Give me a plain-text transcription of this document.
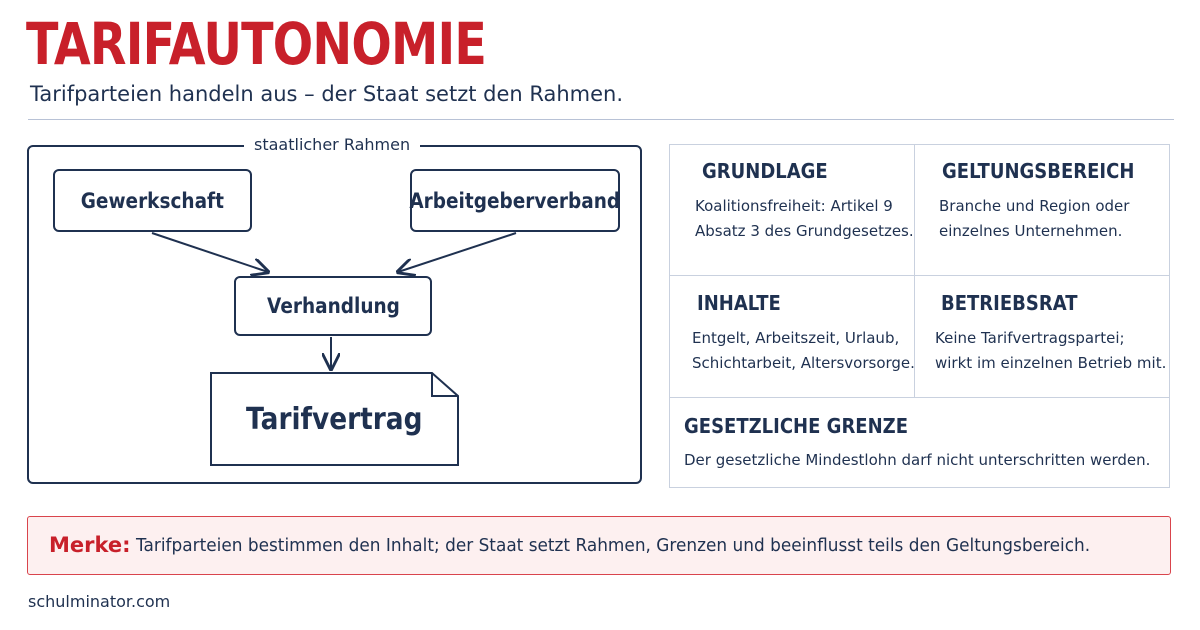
TARIFAUTONOMIE
Tarifparteien handeln aus – der Staat setzt den Rahmen.
staatlicher Rahmen
Gewerkschaft	Arbeitgeberverband
Verhandlung
Tarifvertrag
GRUNDLAGE
Koalitionsfreiheit: Artikel 9
Absatz 3 des Grundgesetzes.
GELTUNGSBEREICH
Branche und Region oder
einzelnes Unternehmen.
INHALTE
Entgelt, Arbeitszeit, Urlaub,
Schichtarbeit, Altersvorsorge.
BETRIEBSRAT
Keine Tarifvertragspartei;
wirkt im einzelnen Betrieb mit.
GESETZLICHE GRENZE
Der gesetzliche Mindestlohn darf nicht unterschritten werden.
Merke: Tarifparteien bestimmen den Inhalt; der Staat setzt Rahmen, Grenzen und beeinflusst teils den Geltungsbereich.
schulminator.com
